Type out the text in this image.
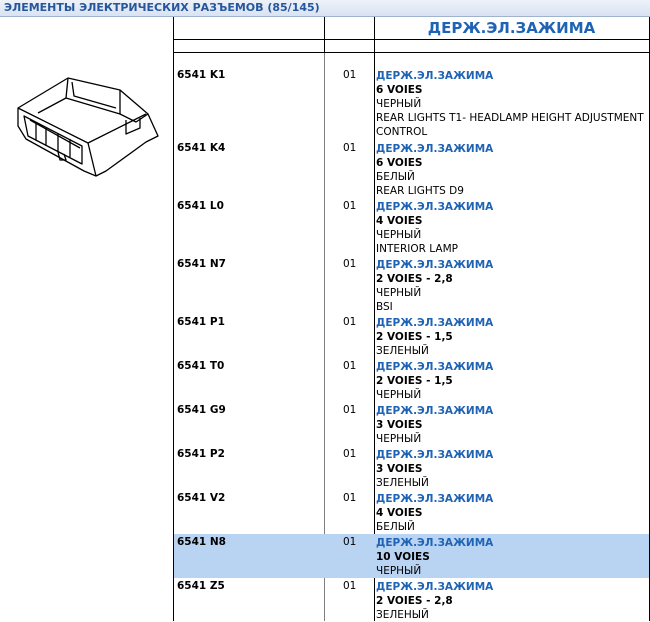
ЭЛЕМЕНТЫ ЭЛЕКТРИЧЕСКИХ РАЗЪЕМОВ (85/145)
ДЕРЖ.ЭЛ.ЗАЖИМА
6541 K1	01 ДЕРЖ.ЭЛ.ЗАЖИМА
6 VOIES
ЧЕРНЫЙ
REAR LIGHTS T1- HEADLAMP HEIGHT ADJUSTMENT CONTROL
6541 K4	01 ДЕРЖ.ЭЛ.ЗАЖИМА
6 VOIES
БЕЛЫЙ
REAR LIGHTS D9
6541 L0	01 ДЕРЖ.ЭЛ.ЗАЖИМА
4 VOIES
ЧЕРНЫЙ
INTERIOR LAMP
6541 N7	01 ДЕРЖ.ЭЛ.ЗАЖИМА
2 VOIES - 2,8
ЧЕРНЫЙ
BSI
6541 P1	01 ДЕРЖ.ЭЛ.ЗАЖИМА
2 VOIES - 1,5
ЗЕЛЕНЫЙ
6541 T0	01 ДЕРЖ.ЭЛ.ЗАЖИМА
2 VOIES - 1,5
ЧЕРНЫЙ
6541 G9	01 ДЕРЖ.ЭЛ.ЗАЖИМА
3 VOIES
ЧЕРНЫЙ
6541 P2	01 ДЕРЖ.ЭЛ.ЗАЖИМА
3 VOIES
ЗЕЛЕНЫЙ
6541 V2	01 ДЕРЖ.ЭЛ.ЗАЖИМА
4 VOIES
БЕЛЫЙ
6541 N8	01 ДЕРЖ.ЭЛ.ЗАЖИМА
10 VOIES
ЧЕРНЫЙ
6541 Z5	01 ДЕРЖ.ЭЛ.ЗАЖИМА
2 VOIES - 2,8
ЗЕЛЕНЫЙ
